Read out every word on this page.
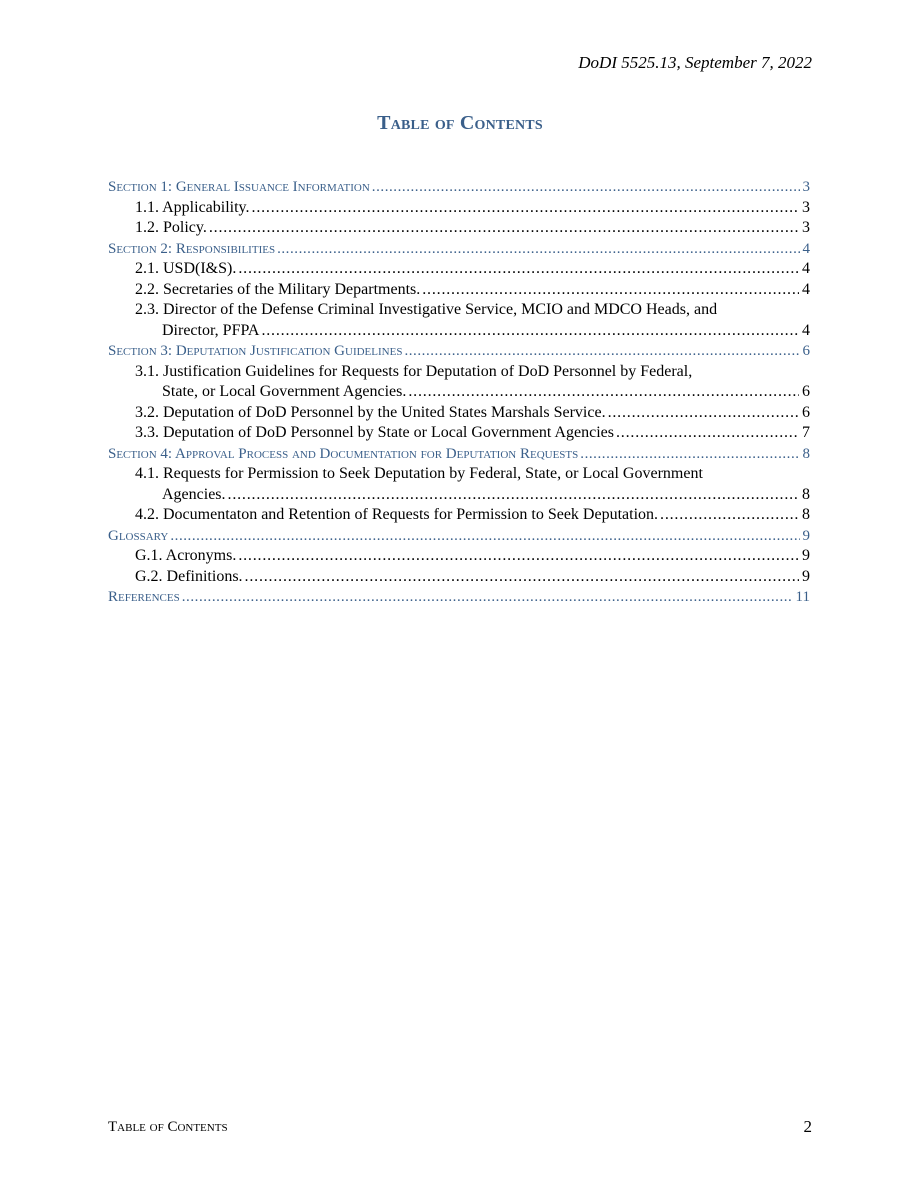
DoDI 5525.13, September 7, 2022
Table of Contents
Section 1: General Issuance Information . . .	3
1.1. Applicability. . . .	3
1.2. Policy. . . .	3
Section 2: Responsibilities . . .	4
2.1. USD(I&S). . . .	4
2.2. Secretaries of the Military Departments. . . .	4
2.3. Director of the Defense Criminal Investigative Service, MCIO and MDCO Heads, and
Director, PFPA . . .	4
Section 3: Deputation Justification Guidelines . . .	6
3.1. Justification Guidelines for Requests for Deputation of DoD Personnel by Federal,
State, or Local Government Agencies. . . .	6
3.2. Deputation of DoD Personnel by the United States Marshals Service. . . .	6
3.3. Deputation of DoD Personnel by State or Local Government Agencies . . .	7
Section 4: Approval Process and Documentation for Deputation Requests . . .	8
4.1. Requests for Permission to Seek Deputation by Federal, State, or Local Government
Agencies. . . .	8
4.2. Documentaton and Retention of Requests for Permission to Seek Deputation. . . .	8
Glossary . . .	9
G.1. Acronyms. . . .	9
G.2. Definitions. . . .	9
References . . .	11
Table of Contents	2
